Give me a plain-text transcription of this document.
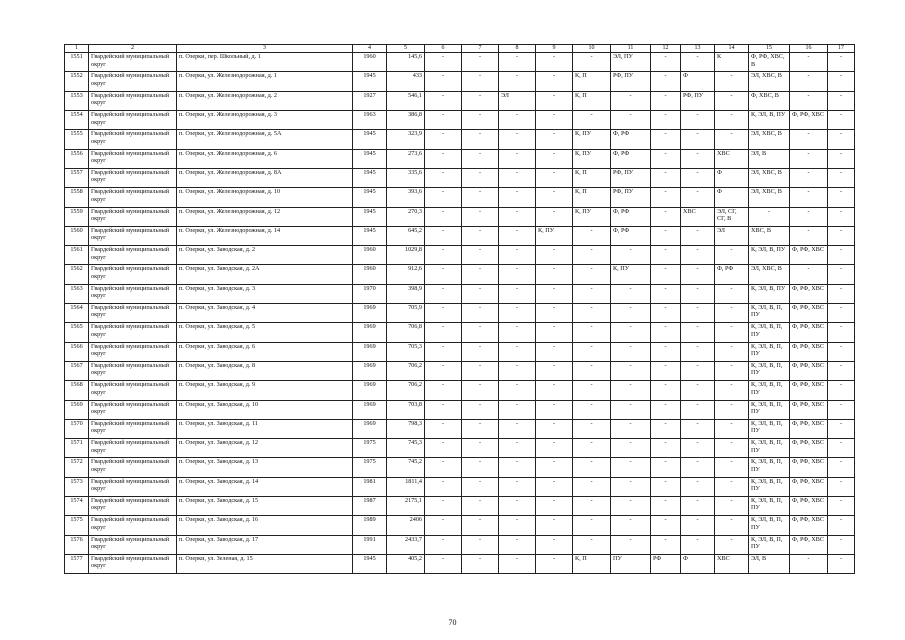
1	2	3	4	5	6	7	8	9	10	11	12	13	14	15	16	17
1551	Гвардейский муниципальный округ	п. Озерки, пер. Школьный, д. 1	1960	145,6	-	-	-	-	-	ЭЛ, ПУ	-	-	К	Ф, РФ, ХВС, В	-	-
1552	Гвардейский муниципальный округ	п. Озерки, ул. Железнодорожная, д. 1	1945	433	-	-	-	-	К, П	РФ, ПУ	-	Ф	-	ЭЛ, ХВС, В	-	-
1553	Гвардейский муниципальный округ	п. Озерки, ул. Железнодорожная, д. 2	1927	546,1	-	-	ЭЛ	-	К, П	-	-	РФ, ПУ	-	Ф, ХВС, В	-	-
1554	Гвардейский муниципальный округ	п. Озерки, ул. Железнодорожная, д. 3	1963	386,8	-	-	-	-	-	-	-	-	-	К, ЭЛ, В, ПУ	Ф, РФ, ХВС	-
1555	Гвардейский муниципальный округ	п. Озерки, ул. Железнодорожная, д. 5А	1945	323,9	-	-	-	-	К, ПУ	Ф, РФ	-	-	-	ЭЛ, ХВС, В	-	-
1556	Гвардейский муниципальный округ	п. Озерки, ул. Железнодорожная, д. 6	1945	273,6	-	-	-	-	К, ПУ	Ф, РФ	-	-	ХВС	ЭЛ, В	-	-
1557	Гвардейский муниципальный округ	п. Озерки, ул. Железнодорожная, д. 8А	1945	335,6	-	-	-	-	К, П	РФ, ПУ	-	-	Ф	ЭЛ, ХВС, В	-	-
1558	Гвардейский муниципальный округ	п. Озерки, ул. Железнодорожная, д. 10	1945	393,6	-	-	-	-	К, П	РФ, ПУ	-	-	Ф	ЭЛ, ХВС, В	-	-
1559	Гвардейский муниципальный округ	п. Озерки, ул. Железнодорожная, д. 12	1945	270,3	-	-	-	-	К, ПУ	Ф, РФ	-	ХВС	ЭЛ, СГ, СГ, В	-	-	-
1560	Гвардейский муниципальный округ	п. Озерки, ул. Железнодорожная, д. 14	1945	645,2	-	-	-	К, ПУ	-	Ф, РФ	-	-	ЭЛ	ХВС, В	-	-
1561	Гвардейский муниципальный округ	п. Озерки, ул. Заводская, д. 2	1960	1029,8	-	-	-	-	-	-	-	-	-	К, ЭЛ, В, ПУ	Ф, РФ, ХВС	-
1562	Гвардейский муниципальный округ	п. Озерки, ул. Заводская, д. 2А	1960	912,6	-	-	-	-	-	К, ПУ	-	-	Ф, РФ	ЭЛ, ХВС, В	-	-
1563	Гвардейский муниципальный округ	п. Озерки, ул. Заводская, д. 3	1970	398,9	-	-	-	-	-	-	-	-	-	К, ЭЛ, В, ПУ	Ф, РФ, ХВС	-
1564	Гвардейский муниципальный округ	п. Озерки, ул. Заводская, д. 4	1969	705,9	-	-	-	-	-	-	-	-	-	К, ЭЛ, В, П, ПУ	Ф, РФ, ХВС	-
1565	Гвардейский муниципальный округ	п. Озерки, ул. Заводская, д. 5	1969	706,8	-	-	-	-	-	-	-	-	-	К, ЭЛ, В, П, ПУ	Ф, РФ, ХВС	-
1566	Гвардейский муниципальный округ	п. Озерки, ул. Заводская, д. 6	1969	705,3	-	-	-	-	-	-	-	-	-	К, ЭЛ, В, П, ПУ	Ф, РФ, ХВС	-
1567	Гвардейский муниципальный округ	п. Озерки, ул. Заводская, д. 8	1969	706,2	-	-	-	-	-	-	-	-	-	К, ЭЛ, В, П, ПУ	Ф, РФ, ХВС	-
1568	Гвардейский муниципальный округ	п. Озерки, ул. Заводская, д. 9	1969	706,2	-	-	-	-	-	-	-	-	-	К, ЭЛ, В, П, ПУ	Ф, РФ, ХВС	-
1569	Гвардейский муниципальный округ	п. Озерки, ул. Заводская, д. 10	1969	703,8	-	-	-	-	-	-	-	-	-	К, ЭЛ, В, П, ПУ	Ф, РФ, ХВС	-
1570	Гвардейский муниципальный округ	п. Озерки, ул. Заводская, д. 11	1969	798,3	-	-	-	-	-	-	-	-	-	К, ЭЛ, В, П, ПУ	Ф, РФ, ХВС	-
1571	Гвардейский муниципальный округ	п. Озерки, ул. Заводская, д. 12	1975	745,3	-	-	-	-	-	-	-	-	-	К, ЭЛ, В, П, ПУ	Ф, РФ, ХВС	-
1572	Гвардейский муниципальный округ	п. Озерки, ул. Заводская, д. 13	1975	745,2	-	-	-	-	-	-	-	-	-	К, ЭЛ, В, П, ПУ	Ф, РФ, ХВС	-
1573	Гвардейский муниципальный округ	п. Озерки, ул. Заводская, д. 14	1981	1811,4	-	-	-	-	-	-	-	-	-	К, ЭЛ, В, П, ПУ	Ф, РФ, ХВС	-
1574	Гвардейский муниципальный округ	п. Озерки, ул. Заводская, д. 15	1987	2175,1	-	-	-	-	-	-	-	-	-	К, ЭЛ, В, П, ПУ	Ф, РФ, ХВС	-
1575	Гвардейский муниципальный округ	п. Озерки, ул. Заводская, д. 16	1989	2406	-	-	-	-	-	-	-	-	-	К, ЭЛ, В, П, ПУ	Ф, РФ, ХВС	-
1576	Гвардейский муниципальный округ	п. Озерки, ул. Заводская, д. 17	1991	2433,7	-	-	-	-	-	-	-	-	-	К, ЭЛ, В, П, ПУ	Ф, РФ, ХВС	-
1577	Гвардейский муниципальный округ	п. Озерки, ул. Зеленая, д. 15	1945	405,2	-	-	-	-	К, П	ПУ	РФ	Ф	ХВС	ЭЛ, В	-	-
70
